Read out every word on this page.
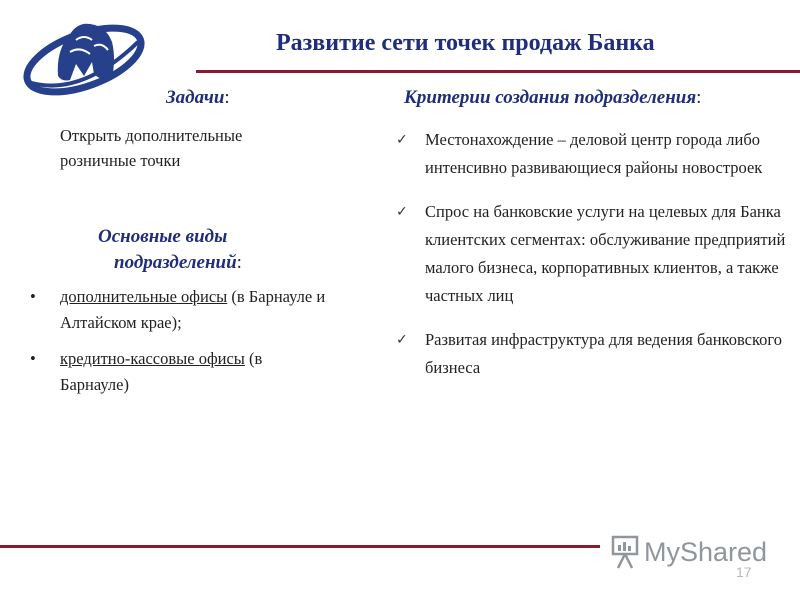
Развитие сети точек продаж Банка
Задачи:
Открыть дополнительные розничные точки
Основные виды
подразделений:
• дополнительные офисы (в Барнауле и Алтайском крае);
• кредитно-кассовые офисы (в Барнауле)
Критерии создания подразделения:
✓ Местонахождение – деловой центр города либо интенсивно развивающиеся районы новостроек
✓ Спрос на банковские услуги на целевых для Банка клиентских сегментах: обслуживание предприятий малого бизнеса, корпоративных клиентов, а также частных лиц
✓ Развитая инфраструктура для ведения банковского бизнеса
MyShared
17
